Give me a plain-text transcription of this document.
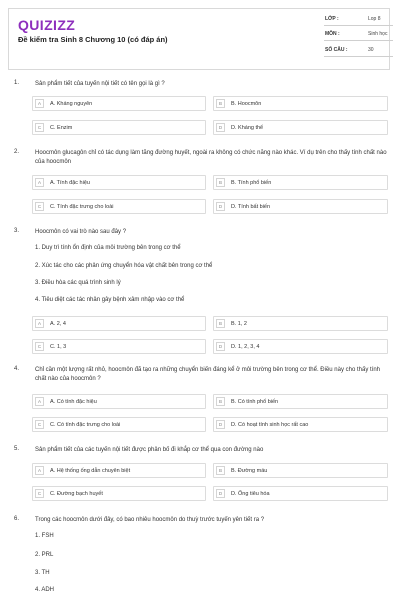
QUIZIZZ
Đề kiểm tra Sinh 8 Chương 10 (có đáp án)
LỚP :	Lop 8
MÔN :	Sinh học
SỐ CÂU :	30
1.	Sản phẩm tiết của tuyến nội tiết có tên gọi là gì ?
A	A. Kháng nguyên	B	B. Hoocmôn
C	C. Enzim	D	D. Kháng thể
2.	Hoocmôn glucagôn chỉ có tác dụng làm tăng đường huyết, ngoài ra không có chức năng nào khác. Ví dụ trên cho thấy tính chất nào của hoocmôn
A	A. Tính đặc hiệu	B	B. Tính phổ biến
C	C. Tính đặc trưng cho loài	D	D. Tính bất biến
3.	Hoocmôn có vai trò nào sau đây ?
1. Duy trì tính ổn định của môi trường bên trong cơ thể
2. Xúc tác cho các phản ứng chuyển hóa vật chất bên trong cơ thể
3. Điều hòa các quá trình sinh lý
4. Tiêu diệt các tác nhân gây bệnh xâm nhập vào cơ thể
A	A. 2, 4	B	B. 1, 2
C	C. 1, 3	D	D. 1, 2, 3, 4
4.	Chỉ cần một lượng rất nhỏ, hoocmôn đã tạo ra những chuyển biến đáng kể ở môi trường bên trong cơ thể. Điều này cho thấy tính chất nào của hoocmôn ?
A	A. Có tính đặc hiệu	B	B. Có tính phổ biến
C	C. Có tính đặc trưng cho loài	D	D. Có hoạt tính sinh học rất cao
5.	Sản phẩm tiết của các tuyến nội tiết được phân bố đi khắp cơ thể qua con đường nào
A	A. Hệ thống ống dẫn chuyên biệt	B	B. Đường máu
C	C. Đường bạch huyết	D	D. Ống tiêu hóa
6.	Trong các hoocmôn dưới đây, có bao nhiêu hoocmôn do thuỳ trước tuyến yên tiết ra ?
1. FSH
2. PRL
3. TH
4. ADH
